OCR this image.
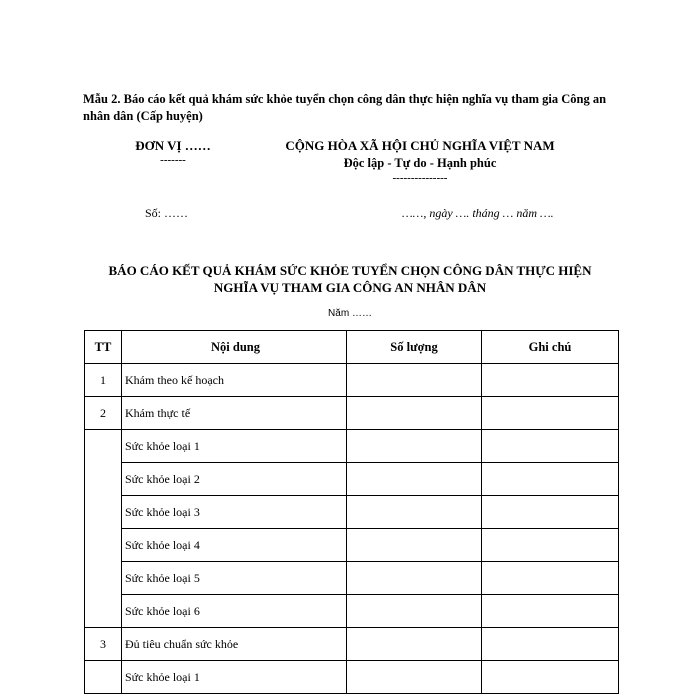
Mẫu 2. Báo cáo kết quả khám sức khỏe tuyển chọn công dân thực hiện nghĩa vụ tham gia Công an nhân dân (Cấp huyện)
ĐƠN VỊ ……
-------
CỘNG HÒA XÃ HỘI CHỦ NGHĨA VIỆT NAM
Độc lập - Tự do - Hạnh phúc
---------------
Số: ……	……, ngày …. tháng … năm ….
BÁO CÁO KẾT QUẢ KHÁM SỨC KHỎE TUYỂN CHỌN CÔNG DÂN THỰC HIỆN
NGHĨA VỤ THAM GIA CÔNG AN NHÂN DÂN
Năm ……
TT	Nội dung	Số lượng	Ghi chú
1	Khám theo kế hoạch		
2	Khám thực tế		
	Sức khỏe loại 1		
	Sức khỏe loại 2		
	Sức khỏe loại 3		
	Sức khỏe loại 4		
	Sức khỏe loại 5		
	Sức khỏe loại 6		
3	Đủ tiêu chuẩn sức khỏe		
	Sức khỏe loại 1		
